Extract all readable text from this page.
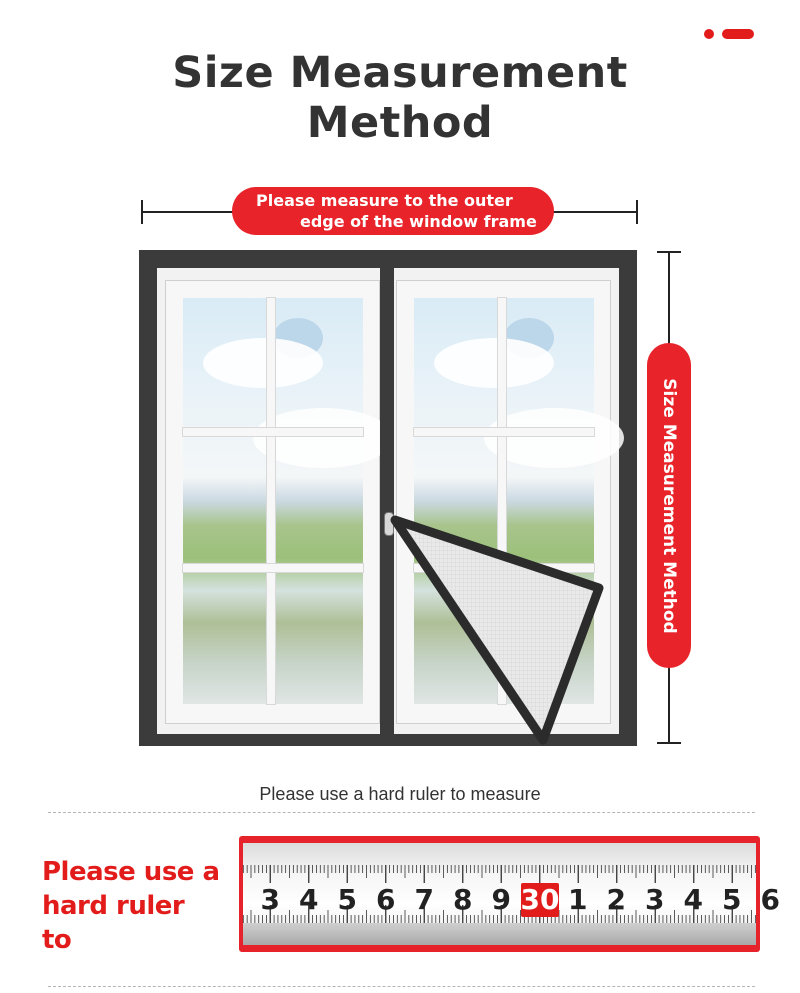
Size Measurement
Method
Please measure to the outer
edge of the window frame
Size Measurement Method
Please use a hard ruler to measure
Please use a
hard ruler to
3 4 5 6 7 8 9 30 1 2 3 4 5 6
